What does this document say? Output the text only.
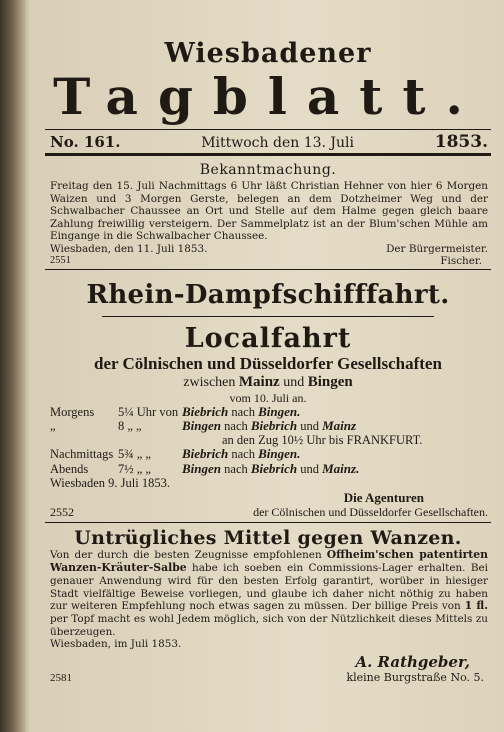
Wiesbadener
Tagblatt.
No. 161.	Mittwoch den 13. Juli	1853.
Bekanntmachung.
Freitag den 15. Juli Nachmittags 6 Uhr läßt Christian Hehner von hier 6 Morgen Waizen und 3 Morgen Gerste, belegen an dem Dotzheimer Weg und der Schwalbacher Chaussee an Ort und Stelle auf dem Halme gegen gleich baare Zahlung freiwillig versteigern. Der Sammelplatz ist an der Blum'schen Mühle am Eingange in die Schwalbacher Chaussee.
Wiesbaden, den 11. Juli 1853.	Der Bürgermeister.
2551	Fischer.
Rhein-Dampfschifffahrt.
Localfahrt
der Cölnischen und Düsseldorfer Gesellschaften
zwischen Mainz und Bingen
vom 10. Juli an.
Morgens	5¼ Uhr von Biebrich nach Bingen.
„	8 „ „	Bingen nach Biebrich und Mainz
an den Zug 10½ Uhr bis FRANKFURT.
Nachmittags 5¾ „ „	Biebrich nach Bingen.
Abends	7½ „ „	Bingen nach Biebrich und Mainz.
Wiesbaden 9. Juli 1853.
Die Agenturen
2552	der Cölnischen und Düsseldorfer Gesellschaften.
Untrügliches Mittel gegen Wanzen.
Von der durch die besten Zeugnisse empfohlenen Offheim'schen patentirten Wanzen-Kräuter-Salbe habe ich soeben ein Commissions-Lager erhalten. Bei genauer Anwendung wird für den besten Erfolg garantirt, worüber in hiesiger Stadt vielfältige Beweise vorliegen, und glaube ich daher nicht nöthig zu haben zur weiteren Empfehlung noch etwas sagen zu müssen. Der billige Preis von 1 fl. per Topf macht es wohl Jedem möglich, sich von der Nützlichkeit dieses Mittels zu überzeugen.
Wiesbaden, im Juli 1853.
A. Rathgeber,
2581	kleine Burgstraße No. 5.
